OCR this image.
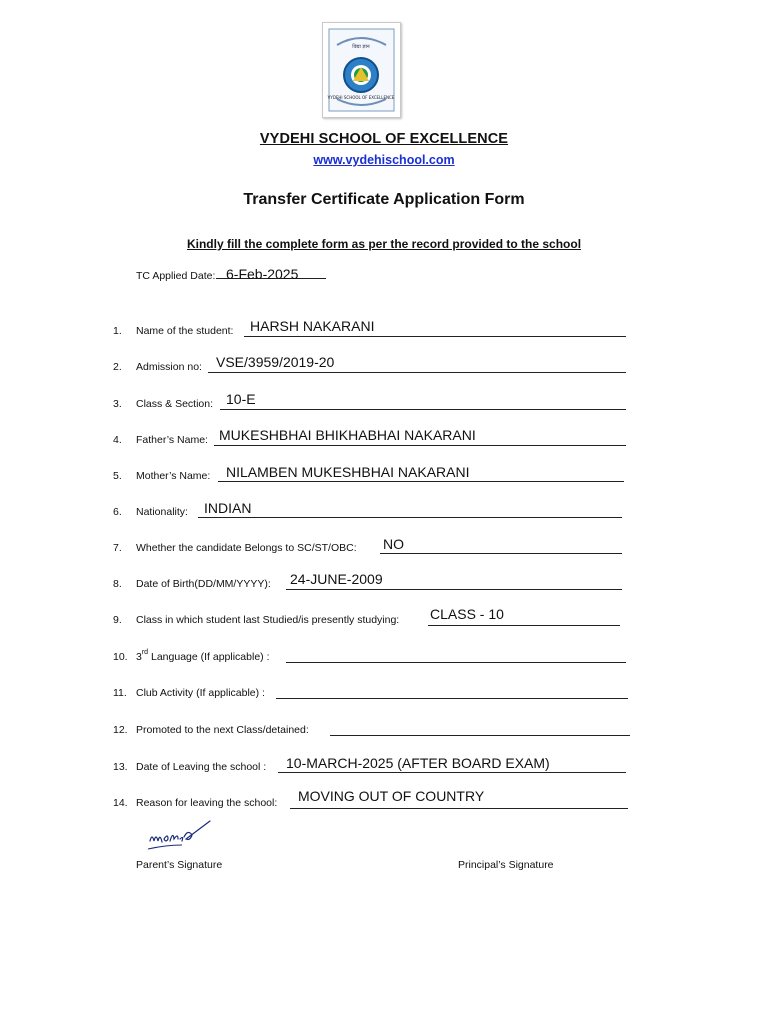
विद्या ज्ञान
VYDEHI SCHOOL OF EXCELLENCE
VYDEHI SCHOOL OF EXCELLENCE
www.vydehischool.com
Transfer Certificate Application Form
Kindly fill the complete form as per the record provided to the school
TC Applied Date: 6-Feb-2025
1.	Name of the student: HARSH NAKARANI
2.	Admission no: VSE/3959/2019-20
3.	Class & Section: 10-E
4.	Father’s Name: MUKESHBHAI BHIKHABHAI NAKARANI
5.	Mother’s Name: NILAMBEN MUKESHBHAI NAKARANI
6.	Nationality: INDIAN
7.	Whether the candidate Belongs to SC/ST/OBC: NO
8.	Date of Birth(DD/MM/YYYY): 24-JUNE-2009
9.	Class in which student last Studied/is presently studying: CLASS - 10
10. 3rd Language (If applicable) :
11. Club Activity (If applicable) :
12. Promoted to the next Class/detained:
13. Date of Leaving the school : 10-MARCH-2025 (AFTER BOARD EXAM)
14. Reason for leaving the school: MOVING OUT OF COUNTRY
Parent’s Signature	Principal’s Signature
